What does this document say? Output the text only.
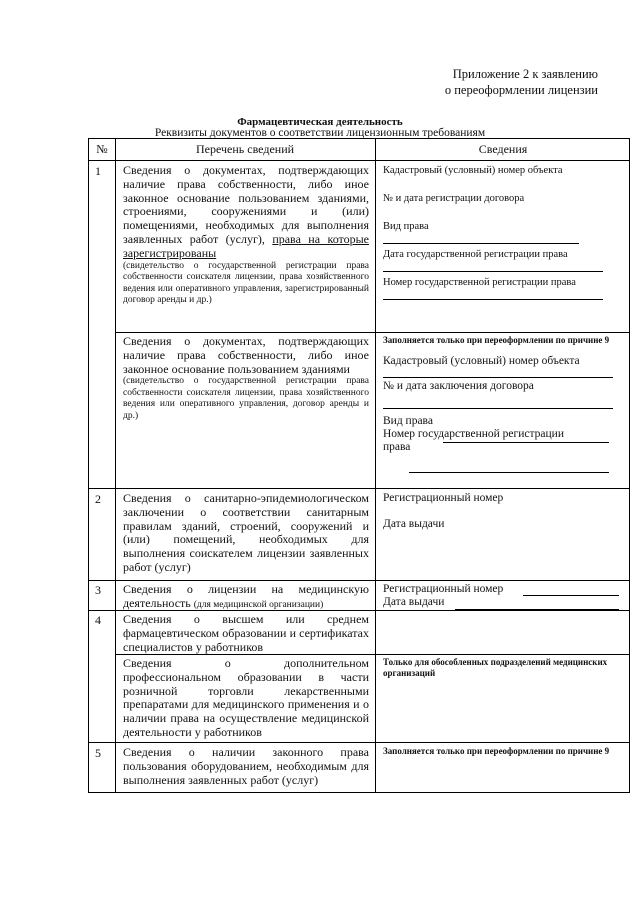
Приложение 2 к заявлению
о переоформлении лицензии
Фармацевтическая деятельность
Реквизиты документов о соответствии лицензионным требованиям
№	Перечень сведений	Сведения
1 Сведения о документах, подтверждающих наличие права собственности, либо иное законное основание пользованием зданиями, строениями, сооружениями и (или) помещениями, необходимых для выполнения заявленных работ (услуг), права на которые зарегистрированы
(свидетельство о государственной регистрации права собственности соискателя лицензии, права хозяйственного ведения или оперативного управления, зарегистрированный договор аренды и др.)
Кадастровый (условный) номер объекта
№ и дата регистрации договора
Вид права
Дата государственной регистрации права
Номер государственной регистрации права
Сведения о документах, подтверждающих наличие права собственности, либо иное законное основание пользованием зданиями
(свидетельство о государственной регистрации права собственности соискателя лицензии, права хозяйственного ведения или оперативного управления, договор аренды и др.)
Заполняется только при переоформлении по причине 9
Кадастровый (условный) номер объекта
№ и дата заключения договора
Вид права
Номер государственной регистрации
права
2 Сведения о санитарно-эпидемиологическом заключении о соответствии санитарным правилам зданий, строений, сооружений и (или) помещений, необходимых для выполнения соискателем лицензии заявленных работ (услуг)
Регистрационный номер
Дата выдачи
3 Сведения о лицензии на медицинскую деятельность (для медицинской организации)
Регистрационный номер
Дата выдачи
4 Сведения о высшем или среднем фармацевтическом образовании и сертификатах специалистов у работников
Сведения о дополнительном профессиональном образовании в части розничной торговли лекарственными препаратами для медицинского применения и о наличии права на осуществление медицинской деятельности у работников
Только для обособленных подразделений медицинских организаций
5 Сведения о наличии законного права пользования оборудованием, необходимым для выполнения заявленных работ (услуг)
Заполняется только при переоформлении по причине 9
